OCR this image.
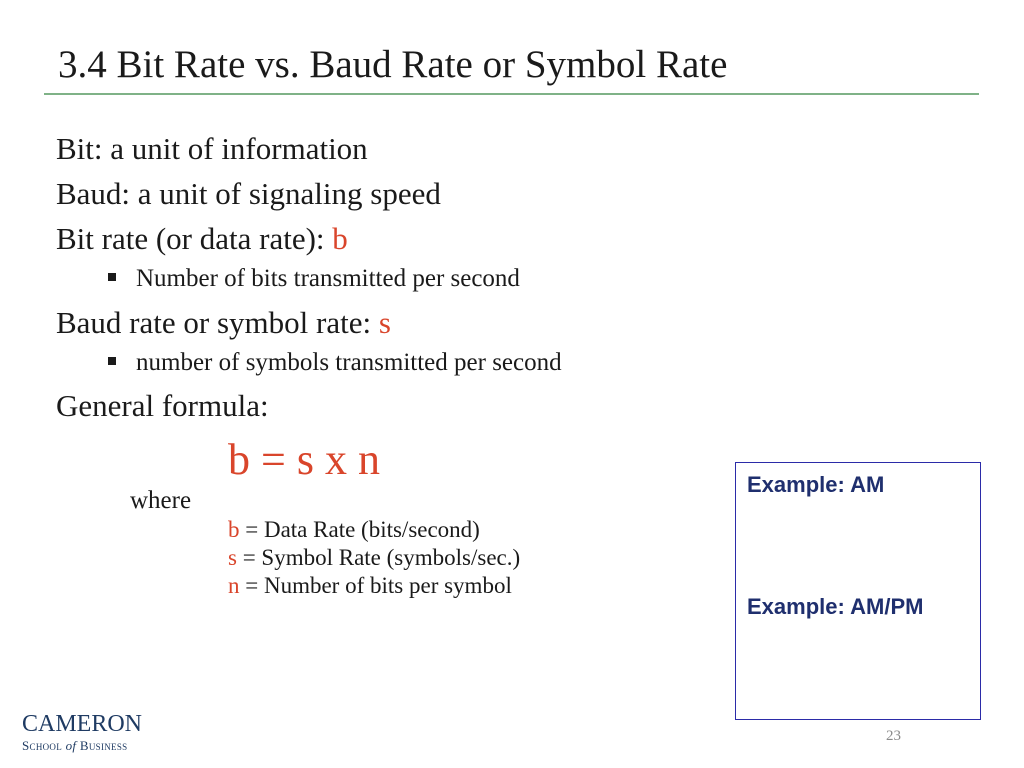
3.4 Bit Rate vs. Baud Rate or Symbol Rate
Bit: a unit of information
Baud: a unit of signaling speed
Bit rate (or data rate): b
Number of bits transmitted per second
Baud rate or symbol rate: s
number of symbols transmitted per second
General formula:
b = s x n
where
b = Data Rate (bits/second)
s = Symbol Rate (symbols/sec.)
n = Number of bits per symbol
Example: AM
Example: AM/PM
CAMERON
School of Business
23
